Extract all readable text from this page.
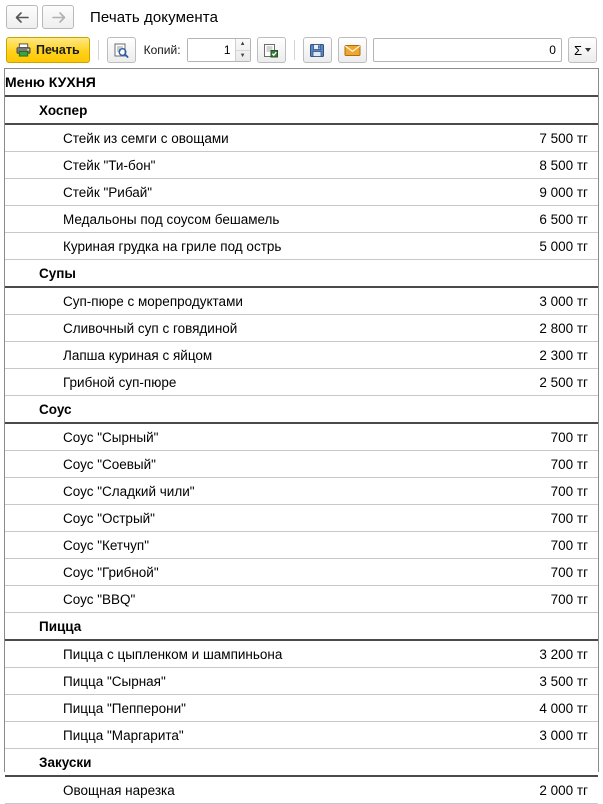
Печать документа
Печать	Копий:	1	▲
▼	0	Σ
Меню КУХНЯ		
Хоспер		
Стейк из семги с овощами	7 500 тг	
Стейк "Ти-бон"	8 500 тг	
Стейк "Рибай"	9 000 тг	
Медальоны под соусом бешамель	6 500 тг	
Куриная грудка на гриле под острь	5 000 тг	
Супы		
Суп-пюре с морепродуктами	3 000 тг	
Сливочный суп с говядиной	2 800 тг	
Лапша куриная с яйцом	2 300 тг	
Грибной суп-пюре	2 500 тг	
Соус		
Соус "Сырный"	700 тг	
Соус "Соевый"	700 тг	
Соус "Сладкий чили"	700 тг	
Соус "Острый"	700 тг	
Соус "Кетчуп"	700 тг	
Соус "Грибной"	700 тг	
Соус "BBQ"	700 тг	
Пицца		
Пицца с цыпленком и шампиньона	3 200 тг	
Пицца "Сырная"	3 500 тг	
Пицца "Пепперони"	4 000 тг	
Пицца "Маргарита"	3 000 тг	
Закуски		
Овощная нарезка	2 000 тг	
